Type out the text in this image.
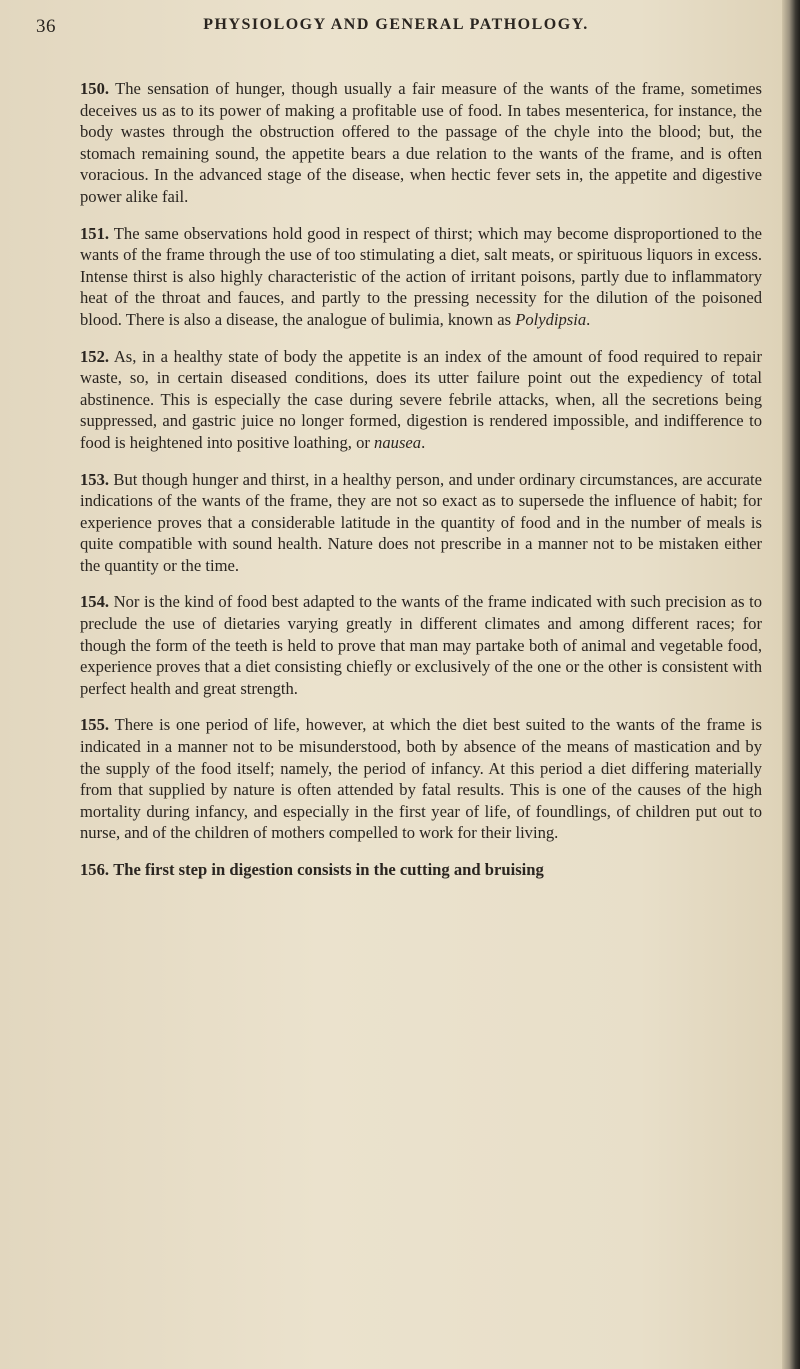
36	PHYSIOLOGY AND GENERAL PATHOLOGY.

150. The sensation of hunger, though usually a fair measure of the wants of the frame, sometimes deceives us as to its power of making a profitable use of food. In tabes mesenterica, for instance, the body wastes through the obstruction offered to the passage of the chyle into the blood; but, the stomach remaining sound, the appetite bears a due relation to the wants of the frame, and is often voracious. In the advanced stage of the disease, when hectic fever sets in, the appetite and digestive power alike fail.

151. The same observations hold good in respect of thirst; which may become disproportioned to the wants of the frame through the use of too stimulating a diet, salt meats, or spirituous liquors in excess. Intense thirst is also highly characteristic of the action of irritant poisons, partly due to inflammatory heat of the throat and fauces, and partly to the pressing necessity for the dilution of the poisoned blood. There is also a disease, the analogue of bulimia, known as Polydipsia.

152. As, in a healthy state of body the appetite is an index of the amount of food required to repair waste, so, in certain diseased conditions, does its utter failure point out the expediency of total abstinence. This is especially the case during severe febrile attacks, when, all the secretions being suppressed, and gastric juice no longer formed, digestion is rendered impossible, and indifference to food is heightened into positive loathing, or nausea.

153. But though hunger and thirst, in a healthy person, and under ordinary circumstances, are accurate indications of the wants of the frame, they are not so exact as to supersede the influence of habit; for experience proves that a considerable latitude in the quantity of food and in the number of meals is quite compatible with sound health. Nature does not prescribe in a manner not to be mistaken either the quantity or the time.

154. Nor is the kind of food best adapted to the wants of the frame indicated with such precision as to preclude the use of dietaries varying greatly in different climates and among different races; for though the form of the teeth is held to prove that man may partake both of animal and vegetable food, experience proves that a diet consisting chiefly or exclusively of the one or the other is consistent with perfect health and great strength.

155. There is one period of life, however, at which the diet best suited to the wants of the frame is indicated in a manner not to be misunderstood, both by absence of the means of mastication and by the supply of the food itself; namely, the period of infancy. At this period a diet differing materially from that supplied by nature is often attended by fatal results. This is one of the causes of the high mortality during infancy, and especially in the first year of life, of foundlings, of children put out to nurse, and of the children of mothers compelled to work for their living.

156. The first step in digestion consists in the cutting and bruising
